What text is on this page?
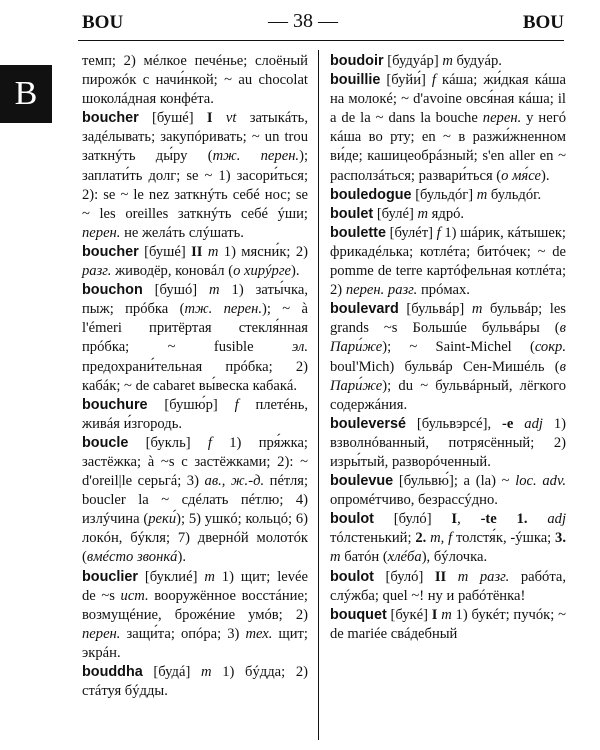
BOU	— 38 —	BOU
B
темп; 2) мéлкое печéнье; слоёный пирожóк с начи́нкой; ~ au chocolat шоколáдная конфéта.
boucher [бушé] I vt затыкáть, задéлывать; закупóривать; ~ un trou заткнýть ды́ру (тж. перен.); заплати́ть долг; se ~ 1) засори́ться; 2): se ~ le nez заткнýть себé нос; se ~ les oreilles заткнýть себé ýши; перен. не желáть слýшать.
boucher [бушé] II m 1) мясни́к; 2) разг. живодёр, коновáл (о хирýрге).
bouchon [бушó] m 1) заты́чка, пыж; прóбка (тж. перен.); ~ à l'émeri притёртая стекля́нная прóбка; ~ fusible эл. предохрани́тельная прóбка; 2) кабáк; ~ de cabaret вы́веска кабакá.
bouchure [бушю́р] f плетéнь, живáя и́згородь.
boucle [букль] f 1) пря́жка; застёжка; à ~s с застёжками; 2): ~ d'oreil|le серьгá; 3) ав., ж.-д. пéтля; boucler la ~ сдéлать пéтлю; 4) излýчина (реки́); 5) ушкó; кольцó; 6) локóн, бýкля; 7) двернóй молотóк (вмéсто звонкá).
bouclier [буклиé] m 1) щит; levée de ~s ист. вооружённое восстáние; возмущéние, брожéние умóв; 2) перен. защи́та; опóра; 3) тех. щит; экрáн.
bouddha [будá] m 1) бýдда; 2) стáтуя бýдды.
boudoir [будуáр] m будуáр.
bouillie [буйи́] f кáша; жи́дкая кáша на молокé; ~ d'avoine овся́ная кáша; il a de la ~ dans la bouche перен. у негó кáша во рту; en ~ в разжи́жненном ви́де; кашицеобрáзный; s'en aller en ~ расползáться; развари́ться (о мя́се).
bouledogue [бульдóг] m бульдóг.
boulet [булé] m ядрó.
boulette [булéт] f 1) шáрик, кáтышек; фрикадéлька; котлéта; битóчек; ~ de pomme de terre картóфельная котлéта; 2) перен. разг. прóмах.
boulevard [бульвáр] m бульвáр; les grands ~s Большúе бульвáры (в Пари́же); ~ Saint-Michel (сокр. boul'Mich) бульвáр Сен-Мишéль (в Пари́же); du ~ бульвáрный, лёгкого содержáния.
bouleversé [бульвэрсé], -e adj 1) взволнóванный, потрясённый; 2) изры́тый, разворóченный.
boulevue [бульвю́]; a (la) ~ loc. adv. опромéтчиво, безрассýдно.
boulot [булó] I, -te 1. adj тóлстенький; 2. m, f толстя́к, -ýшка; 3. m батóн (хлéба), бýлочка.
boulot [булó] II m разг. рабóта, слýжба; quel ~! ну и рабóтёнка!
bouquet [букé] I m 1) букéт; пучóк; ~ de mariée свáдебный
